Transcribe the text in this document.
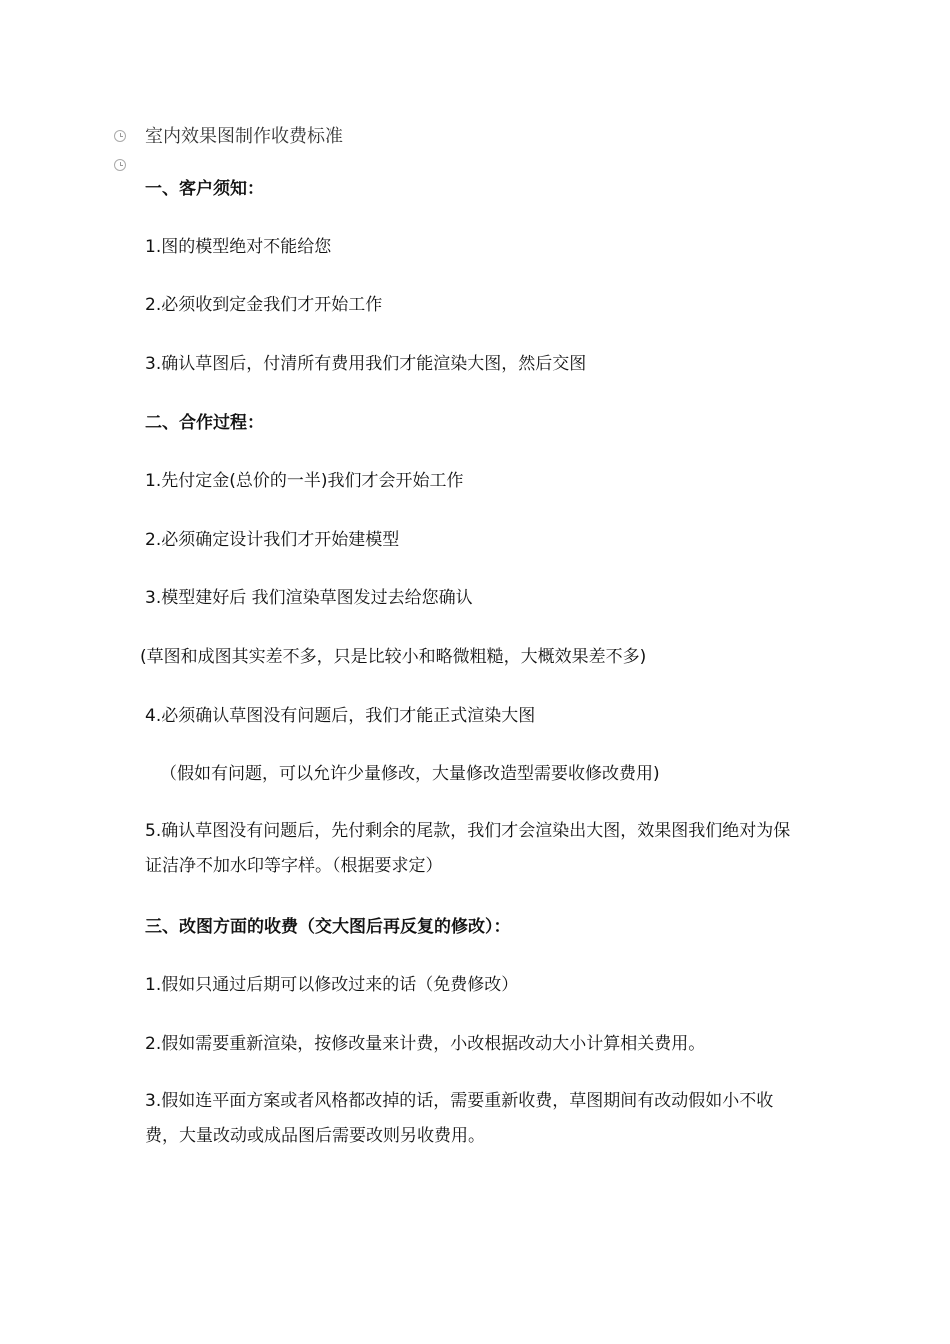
室内效果图制作收费标准
一、客户须知：
1.图的模型绝对不能给您
2.必须收到定金我们才开始工作
3.确认草图后，付清所有费用我们才能渲染大图，然后交图
二、合作过程：
1.先付定金(总价的一半)我们才会开始工作
2.必须确定设计我们才开始建模型
3.模型建好后 我们渲染草图发过去给您确认
(草图和成图其实差不多，只是比较小和略微粗糙，大概效果差不多)
4.必须确认草图没有问题后，我们才能正式渲染大图
（假如有问题，可以允许少量修改，大量修改造型需要收修改费用)
5.确认草图没有问题后，先付剩余的尾款，我们才会渲染出大图，效果图我们绝对为保证洁净不加水印等字样。（根据要求定）
三、改图方面的收费（交大图后再反复的修改）：
1.假如只通过后期可以修改过来的话（免费修改）
2.假如需要重新渲染，按修改量来计费，小改根据改动大小计算相关费用。
3.假如连平面方案或者风格都改掉的话，需要重新收费，草图期间有改动假如小不收费，大量改动或成品图后需要改则另收费用。
